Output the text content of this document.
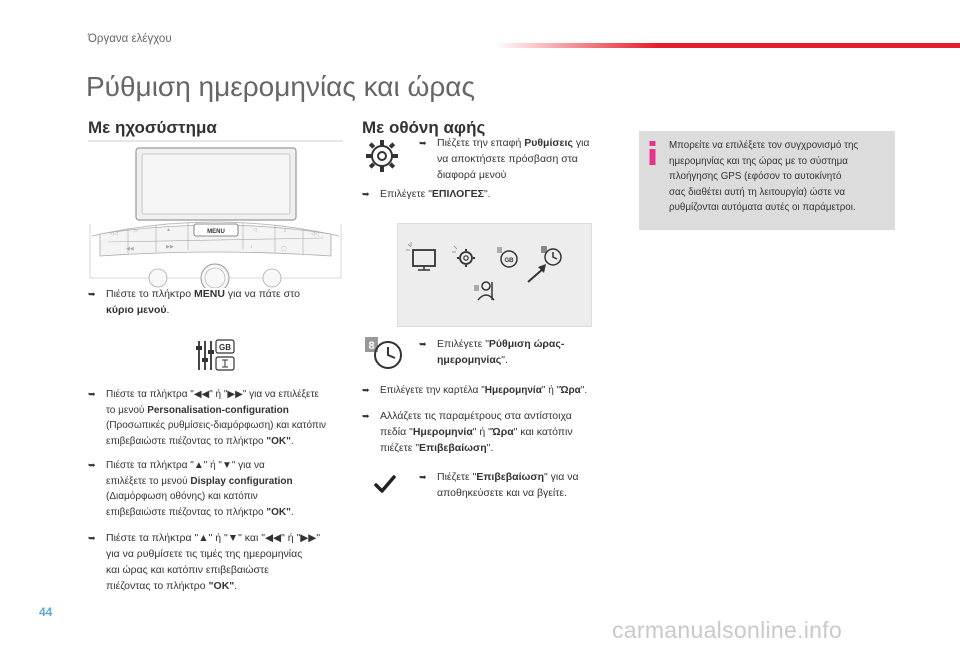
Όργανα ελέγχου
Ρύθμιση ημερομηνίας και ώρας
Με ηχοσύστημα
MENU
◁◁	▷	▲	◁	♫	◁◁
◀◀	▶▶	♪	◯
➥ Πιέστε το πλήκτρο MENU για να πάτε στο
κύριο μενού.
GB
➥	Πιέστε τα πλήκτρα "◀◀" ή "▶▶" για να επιλέξετε
το μενού Personalisation-configuration
(Προσωπικές ρυθμίσεις-διαμόρφωση) και κατόπιν
επιβεβαιώστε πιέζοντας το πλήκτρο "OK".
➥	Πιέστε τα πλήκτρα "▲" ή "▼" για να
επιλέξετε το μενού Display configuration
(Διαμόρφωση οθόνης) και κατόπιν
επιβεβαιώστε πιέζοντας το πλήκτρο "OK".
➥ Πιέστε τα πλήκτρα "▲" ή "▼" και "◀◀" ή "▶▶"
για να ρυθμίσετε τις τιμές της ημερομηνίας
και ώρας και κατόπιν επιβεβαιώστε
πιέζοντας το πλήκτρο "OK".
Με οθόνη αφής
➥ Πιέζετε την επαφή Ρυθμίσεις για
να αποκτήσετε πρόσβαση στα
διαφορά μενού
➥ Επιλέγετε "ΕΠΙΛΟΓΕΣ".
GB
8	➥ Επιλέγετε "Ρύθμιση ώρας-
ημερομηνίας".
➥	Επιλέγετε την καρτέλα "Ημερομηνία" ή "Ώρα".
➥ Αλλάζετε τις παραμέτρους στα αντίστοιχα
πεδία "Ημερομηνία" ή "Ώρα" και κατόπιν
πιέζετε "Επιβεβαίωση".
➥ Πιέζετε "Επιβεβαίωση" για να
αποθηκεύσετε και να βγείτε.
Μπορείτε να επιλέξετε τον συγχρονισμό της
ημερομηνίας και της ώρας με το σύστημα
πλοήγησης GPS (εφόσον το αυτοκίνητό
σας διαθέτει αυτή τη λειτουργία) ώστε να
ρυθμίζονται αυτόματα αυτές οι παράμετροι.
44
carmanualsonline.info
